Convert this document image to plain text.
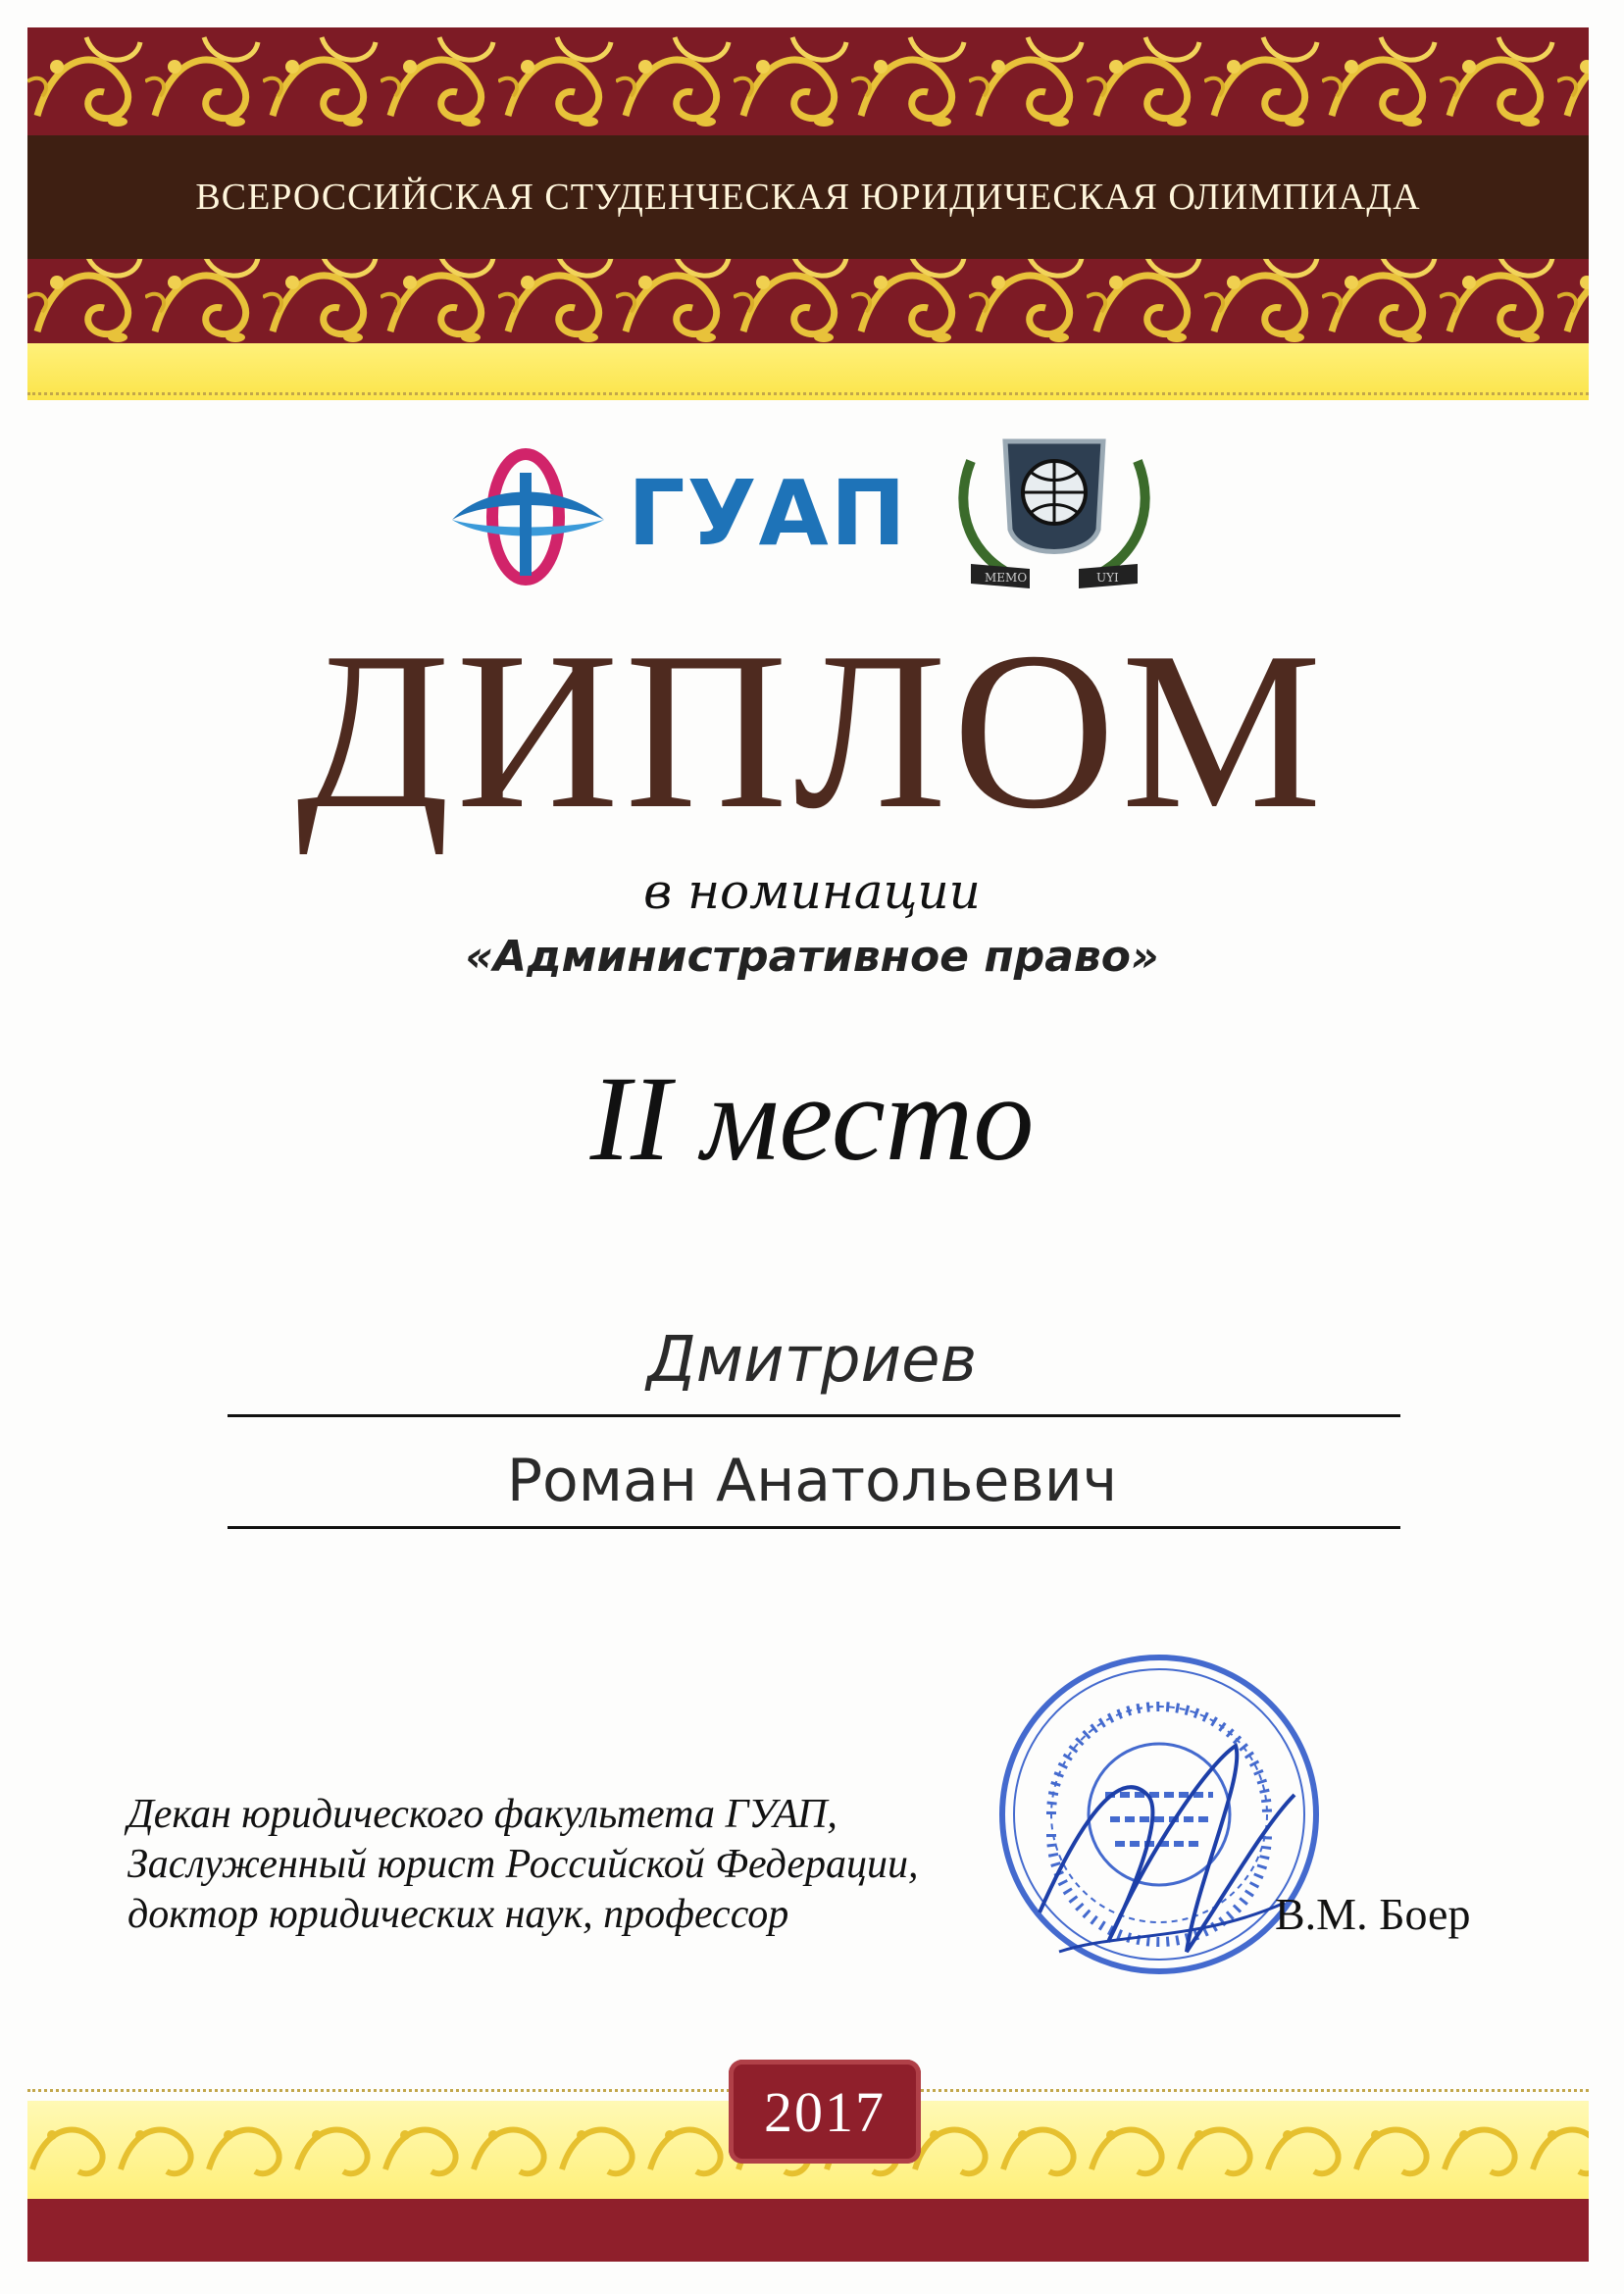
ВСЕРОССИЙСКАЯ СТУДЕНЧЕСКАЯ ЮРИДИЧЕСКАЯ ОЛИМПИАДА
ГУАП
MEMO	UYI
ДИПЛОМ
в номинации
«Административное право»
II место
Дмитриев
Роман Анатольевич
Декан юридического факультета ГУАП,
Заслуженный юрист Российской Федерации,
доктор юридических наук, профессор	В.М. Боер
2017
